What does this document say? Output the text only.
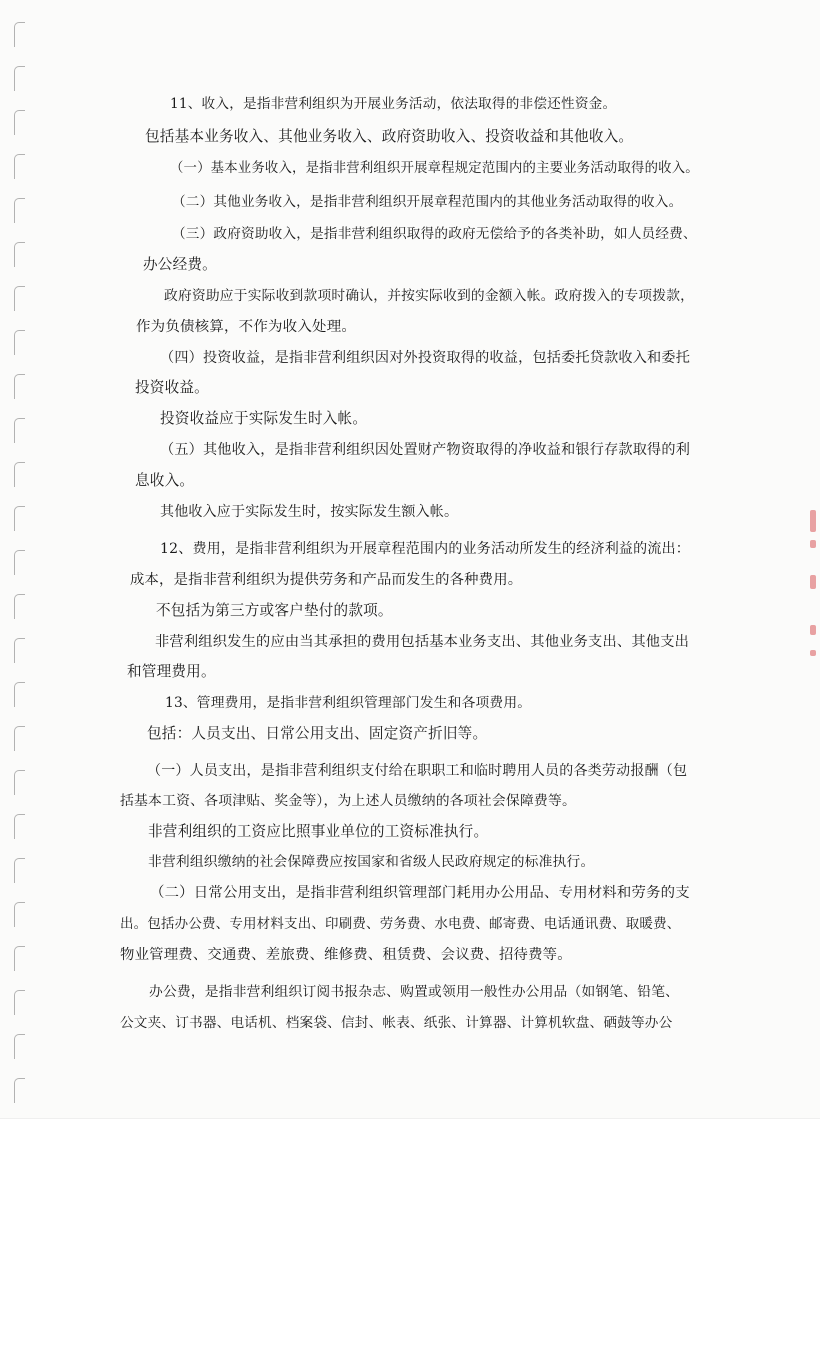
11、收入，是指非营利组织为开展业务活动，依法取得的非偿还性资金。

包括基本业务收入、其他业务收入、政府资助收入、投资收益和其他收入。

（一）基本业务收入，是指非营利组织开展章程规定范围内的主要业务活动取得的收入。

（二）其他业务收入，是指非营利组织开展章程范围内的其他业务活动取得的收入。

（三）政府资助收入，是指非营利组织取得的政府无偿给予的各类补助，如人员经费、

办公经费。

政府资助应于实际收到款项时确认，并按实际收到的金额入帐。政府拨入的专项拨款，

作为负债核算，不作为收入处理。

（四）投资收益，是指非营利组织因对外投资取得的收益，包括委托贷款收入和委托

投资收益。

投资收益应于实际发生时入帐。

（五）其他收入，是指非营利组织因处置财产物资取得的净收益和银行存款取得的利

息收入。

其他收入应于实际发生时，按实际发生额入帐。

12、费用，是指非营利组织为开展章程范围内的业务活动所发生的经济利益的流出：

成本，是指非营利组织为提供劳务和产品而发生的各种费用。

不包括为第三方或客户垫付的款项。

非营利组织发生的应由当其承担的费用包括基本业务支出、其他业务支出、其他支出

和管理费用。

13、管理费用，是指非营利组织管理部门发生和各项费用。

包括：人员支出、日常公用支出、固定资产折旧等。

（一）人员支出，是指非营利组织支付给在职职工和临时聘用人员的各类劳动报酬（包

括基本工资、各项津贴、奖金等），为上述人员缴纳的各项社会保障费等。

非营利组织的工资应比照事业单位的工资标准执行。

非营利组织缴纳的社会保障费应按国家和省级人民政府规定的标准执行。

（二）日常公用支出，是指非营利组织管理部门耗用办公用品、专用材料和劳务的支

出。包括办公费、专用材料支出、印刷费、劳务费、水电费、邮寄费、电话通讯费、取暖费、

物业管理费、交通费、差旅费、维修费、租赁费、会议费、招待费等。

办公费，是指非营利组织订阅书报杂志、购置或领用一般性办公用品（如钢笔、铅笔、

公文夹、订书器、电话机、档案袋、信封、帐表、纸张、计算器、计算机软盘、硒鼓等办公
